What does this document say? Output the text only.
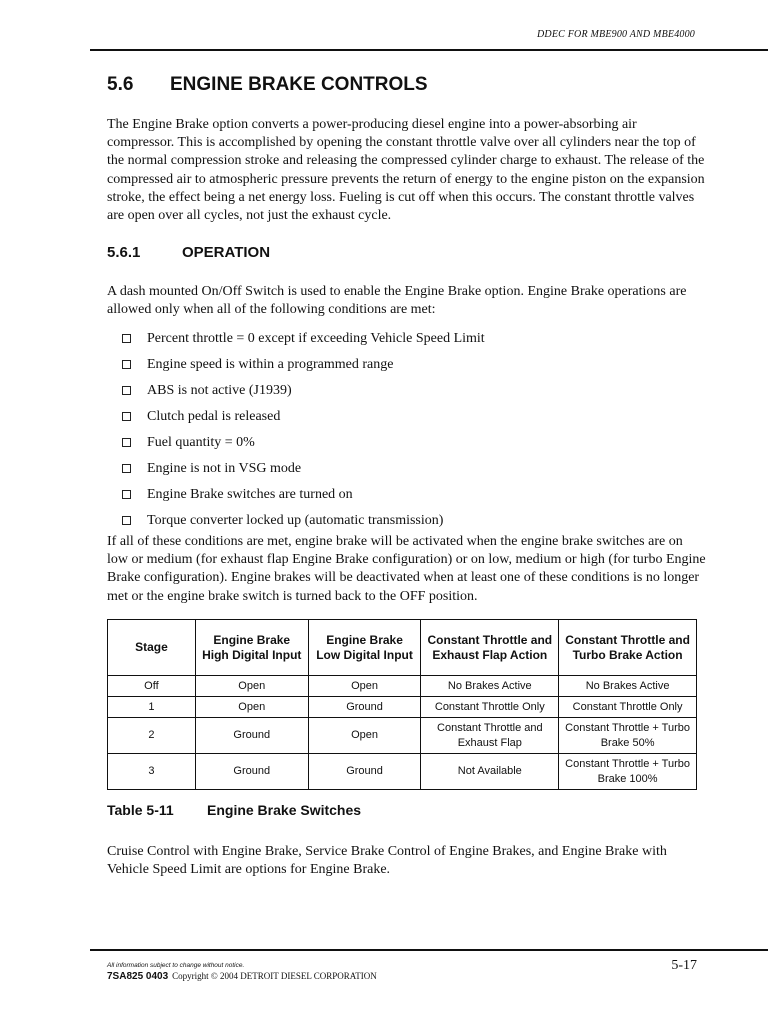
DDEC FOR MBE900 AND MBE4000
5.6 ENGINE BRAKE CONTROLS
The Engine Brake option converts a power-producing diesel engine into a power-absorbing air compressor. This is accomplished by opening the constant throttle valve over all cylinders near the top of the normal compression stroke and releasing the compressed cylinder charge to exhaust. The release of the compressed air to atmospheric pressure prevents the return of energy to the engine piston on the expansion stroke, the effect being a net energy loss. Fueling is cut off when this occurs. The constant throttle valves are open over all cycles, not just the exhaust cycle.
5.6.1	OPERATION
A dash mounted On/Off Switch is used to enable the Engine Brake option. Engine Brake operations are allowed only when all of the following conditions are met:
Percent throttle = 0 except if exceeding Vehicle Speed Limit
Engine speed is within a programmed range
ABS is not active (J1939)
Clutch pedal is released
Fuel quantity = 0%
Engine is not in VSG mode
Engine Brake switches are turned on
Torque converter locked up (automatic transmission)
If all of these conditions are met, engine brake will be activated when the engine brake switches are on low or medium (for exhaust flap Engine Brake configuration) or on low, medium or high (for turbo Engine Brake configuration). Engine brakes will be deactivated when at least one of these conditions is no longer met or the engine brake switch is turned back to the OFF position.
Stage	Engine Brake High Digital Input	Engine Brake Low Digital Input	Constant Throttle and Exhaust Flap Action	Constant Throttle and Turbo Brake Action
Off	Open	Open	No Brakes Active	No Brakes Active
1	Open	Ground	Constant Throttle Only	Constant Throttle Only
2	Ground	Open	Constant Throttle and Exhaust Flap	Constant Throttle + Turbo Brake 50%
3	Ground	Ground	Not Available	Constant Throttle + Turbo Brake 100%
Table 5-11 Engine Brake Switches
Cruise Control with Engine Brake, Service Brake Control of Engine Brakes, and Engine Brake with Vehicle Speed Limit are options for Engine Brake.
All information subject to change without notice.
7SA825 0403 Copyright © 2004 DETROIT DIESEL CORPORATION
5-17
